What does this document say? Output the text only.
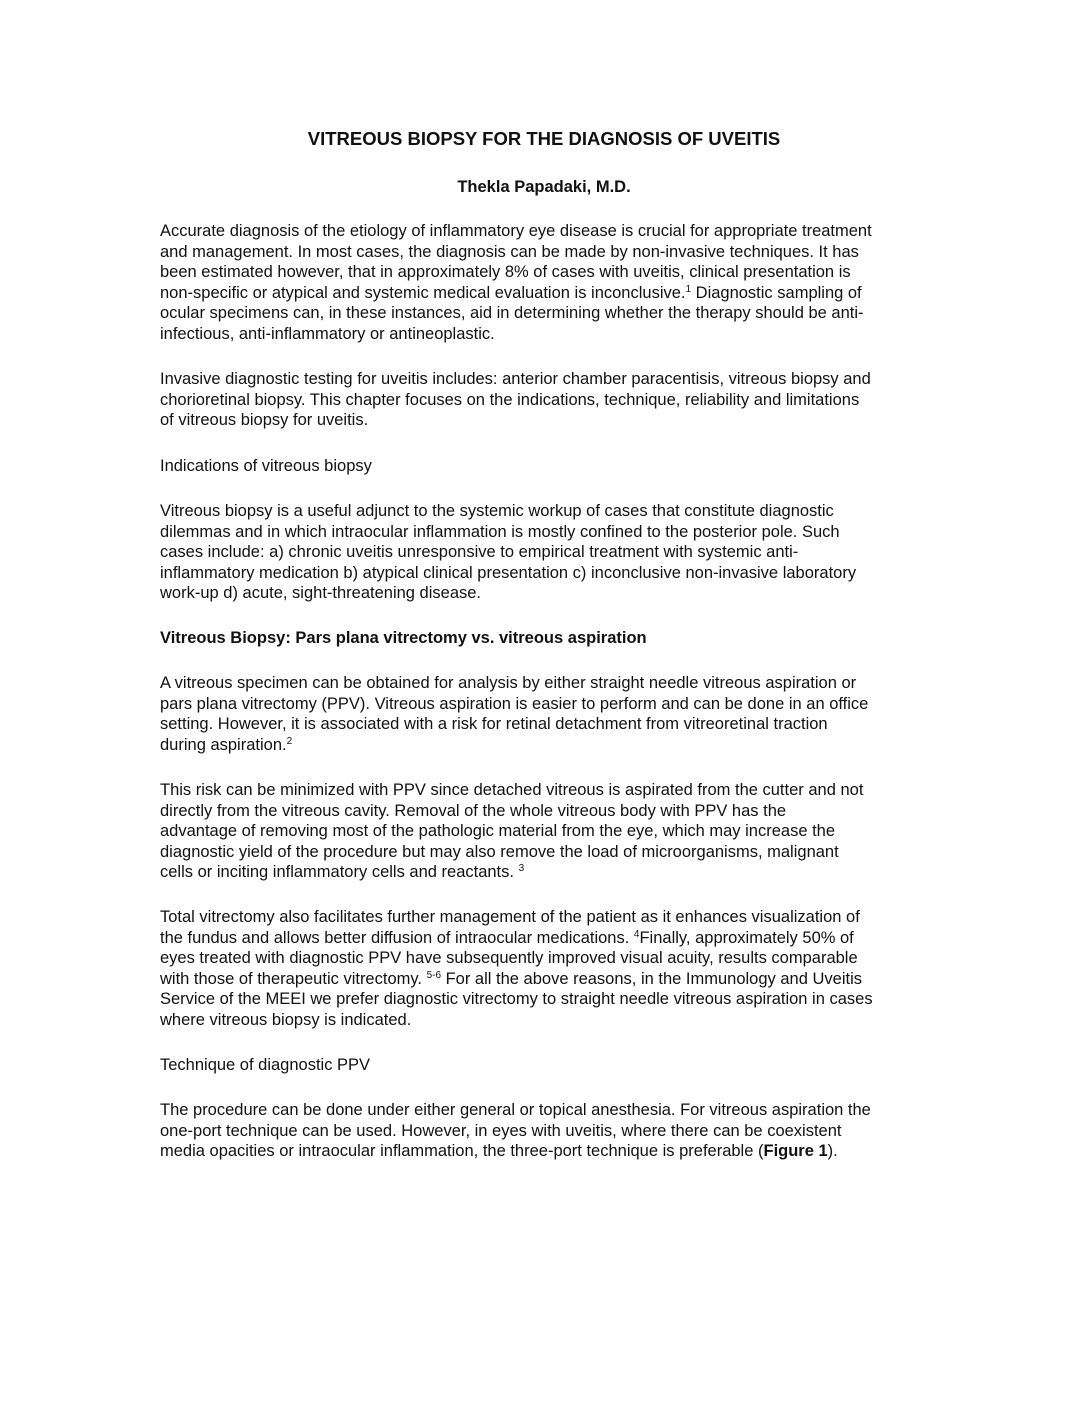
VITREOUS BIOPSY FOR THE DIAGNOSIS OF UVEITIS

Thekla Papadaki, M.D.

Accurate diagnosis of the etiology of inflammatory eye disease is crucial for appropriate treatment
and management. In most cases, the diagnosis can be made by non-invasive techniques. It has
been estimated however, that in approximately 8% of cases with uveitis, clinical presentation is
non-specific or atypical and systemic medical evaluation is inconclusive.$^1$ Diagnostic sampling of
ocular specimens can, in these instances, aid in determining whether the therapy should be anti-
infectious, anti-inflammatory or antineoplastic.

Invasive diagnostic testing for uveitis includes: anterior chamber paracentisis, vitreous biopsy and
chorioretinal biopsy. This chapter focuses on the indications, technique, reliability and limitations
of vitreous biopsy for uveitis.

Indications of vitreous biopsy

Vitreous biopsy is a useful adjunct to the systemic workup of cases that constitute diagnostic
dilemmas and in which intraocular inflammation is mostly confined to the posterior pole. Such
cases include: a) chronic uveitis unresponsive to empirical treatment with systemic anti-
inflammatory medication b) atypical clinical presentation c) inconclusive non-invasive laboratory
work-up d) acute, sight-threatening disease.

Vitreous Biopsy: Pars plana vitrectomy vs. vitreous aspiration

A vitreous specimen can be obtained for analysis by either straight needle vitreous aspiration or
pars plana vitrectomy (PPV). Vitreous aspiration is easier to perform and can be done in an office
setting. However, it is associated with a risk for retinal detachment from vitreoretinal traction
during aspiration.$^2$

This risk can be minimized with PPV since detached vitreous is aspirated from the cutter and not
directly from the vitreous cavity. Removal of the whole vitreous body with PPV has the
advantage of removing most of the pathologic material from the eye, which may increase the
diagnostic yield of the procedure but may also remove the load of microorganisms, malignant
cells or inciting inflammatory cells and reactants. $^3$

Total vitrectomy also facilitates further management of the patient as it enhances visualization of
the fundus and allows better diffusion of intraocular medications. $^4$Finally, approximately 50% of
eyes treated with diagnostic PPV have subsequently improved visual acuity, results comparable
with those of therapeutic vitrectomy. $^{5-6}$ For all the above reasons, in the Immunology and Uveitis
Service of the MEEI we prefer diagnostic vitrectomy to straight needle vitreous aspiration in cases
where vitreous biopsy is indicated.

Technique of diagnostic PPV

The procedure can be done under either general or topical anesthesia. For vitreous aspiration the
one-port technique can be used. However, in eyes with uveitis, where there can be coexistent
media opacities or intraocular inflammation, the three-port technique is preferable (Figure 1).
